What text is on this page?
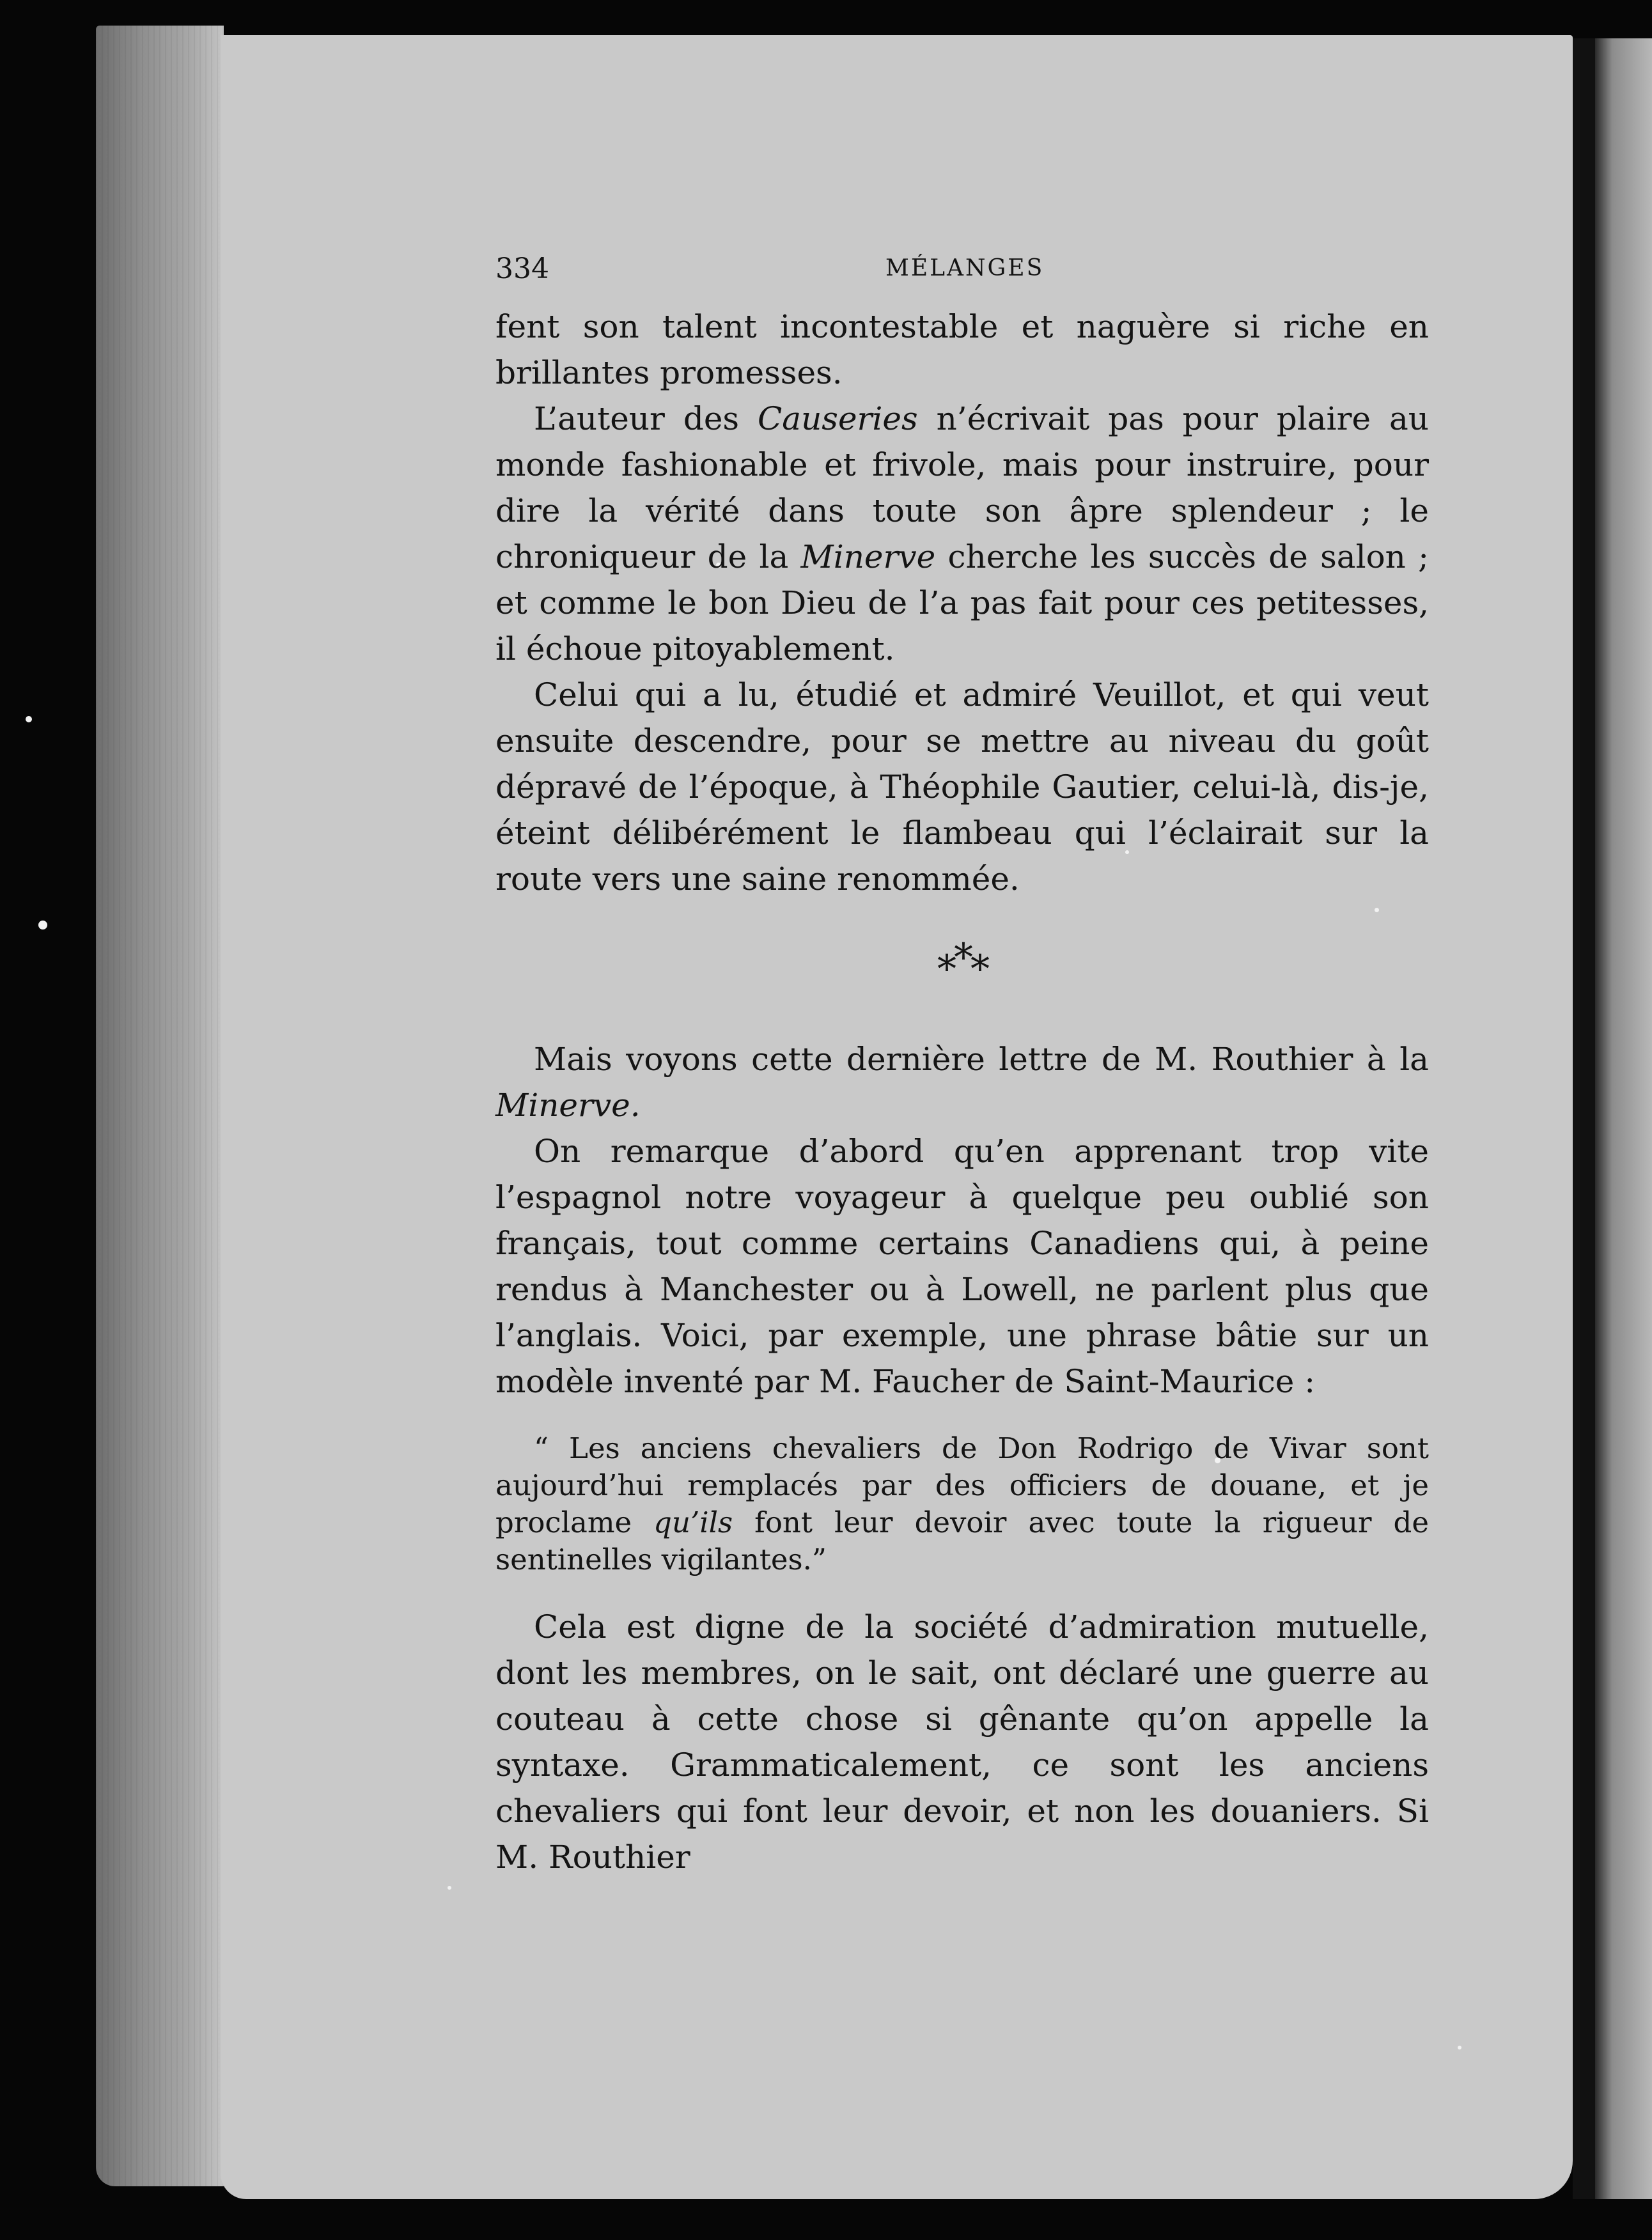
334	MÉLANGES

fent son talent incontestable et naguère si riche en brillantes promesses.

L’auteur des Causeries n’écrivait pas pour plaire au monde fashionable et frivole, mais pour instruire, pour dire la vérité dans toute son âpre splendeur ; le chroniqueur de la Minerve cherche les succès de salon ; et comme le bon Dieu de l’a pas fait pour ces petitesses, il échoue pitoyablement.

Celui qui a lu, étudié et admiré Veuillot, et qui veut ensuite descendre, pour se mettre au niveau du goût dépravé de l’époque, à Théophile Gautier, celui-là, dis-je, éteint délibérément le flambeau qui l’éclairait sur la route vers une saine renommée.

***

Mais voyons cette dernière lettre de M. Routhier à la Minerve.

On remarque d’abord qu’en apprenant trop vite l’espagnol notre voyageur à quelque peu oublié son français, tout comme certains Canadiens qui, à peine rendus à Manchester ou à Lowell, ne parlent plus que l’anglais. Voici, par exemple, une phrase bâtie sur un modèle inventé par M. Faucher de Saint-Maurice :

“ Les anciens chevaliers de Don Rodrigo de Vivar sont aujourd’hui remplacés par des officiers de douane, et je proclame qu’ils font leur devoir avec toute la rigueur de sentinelles vigilantes.”

Cela est digne de la société d’admiration mutuelle, dont les membres, on le sait, ont déclaré une guerre au couteau à cette chose si gênante qu’on appelle la syntaxe. Grammaticalement, ce sont les anciens chevaliers qui font leur devoir, et non les douaniers. Si M. Routhier
